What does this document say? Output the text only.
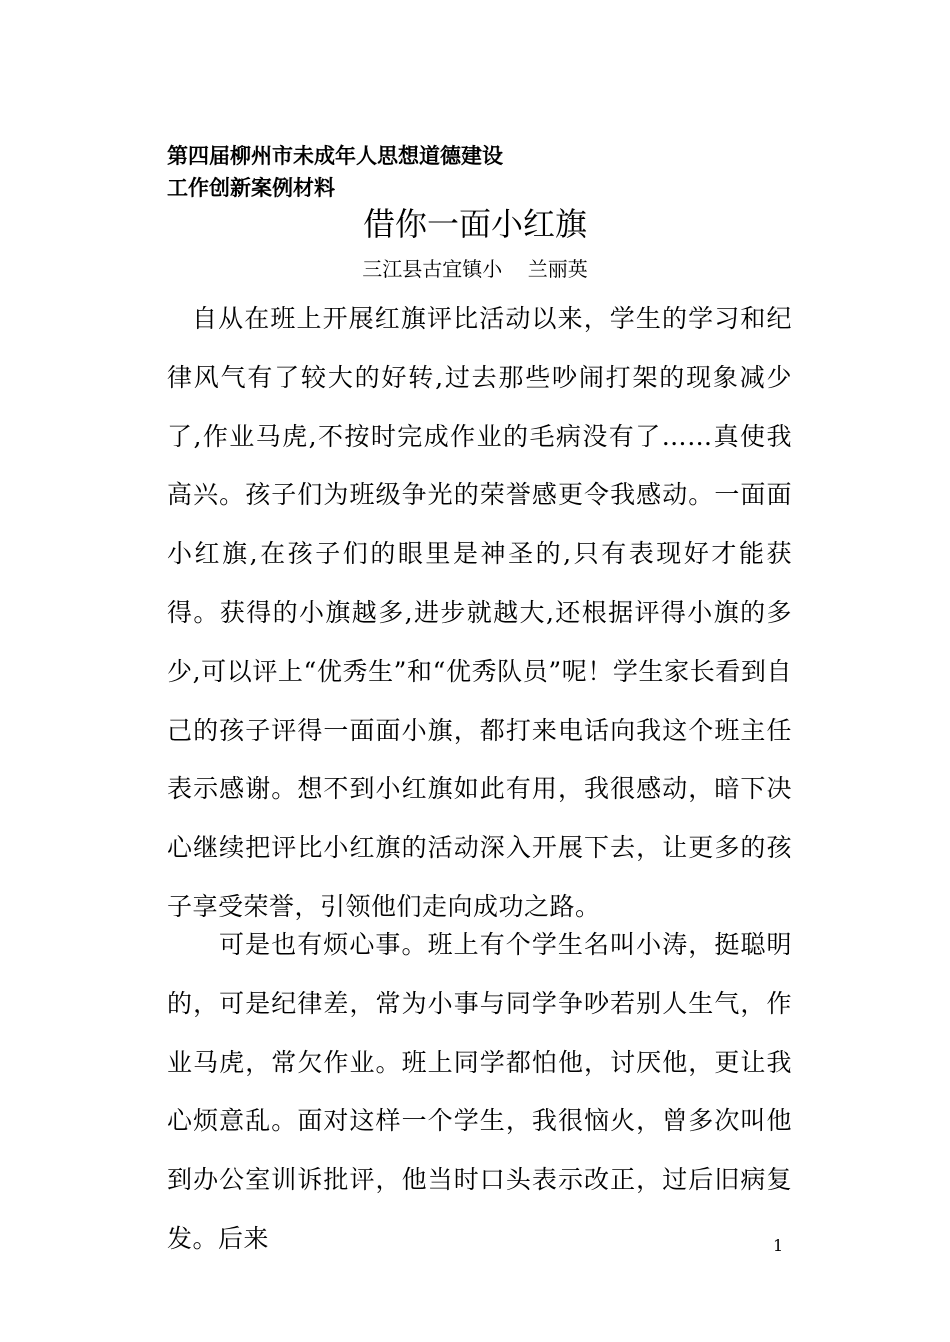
第四届柳州市未成年人思想道德建设
工作创新案例材料
借你一面小红旗
三江县古宜镇小    兰丽英

自从在班上开展红旗评比活动以来，学生的学习和纪律风气有了较大的好转,过去那些吵闹打架的现象减少了,作业马虎,不按时完成作业的毛病没有了……真使我高兴。孩子们为班级争光的荣誉感更令我感动。一面面小红旗,在孩子们的眼里是神圣的,只有表现好才能获得。获得的小旗越多,进步就越大,还根据评得小旗的多少,可以评上“优秀生”和“优秀队员”呢！学生家长看到自己的孩子评得一面面小旗，都打来电话向我这个班主任表示感谢。想不到小红旗如此有用，我很感动，暗下决心继续把评比小红旗的活动深入开展下去，让更多的孩子享受荣誉，引领他们走向成功之路。

可是也有烦心事。班上有个学生名叫小涛，挺聪明的，可是纪律差，常为小事与同学争吵若别人生气，作业马虎，常欠作业。班上同学都怕他，讨厌他，更让我心烦意乱。面对这样一个学生，我很恼火，曾多次叫他到办公室训诉批评，他当时口头表示改正，过后旧病复发。后来	1
